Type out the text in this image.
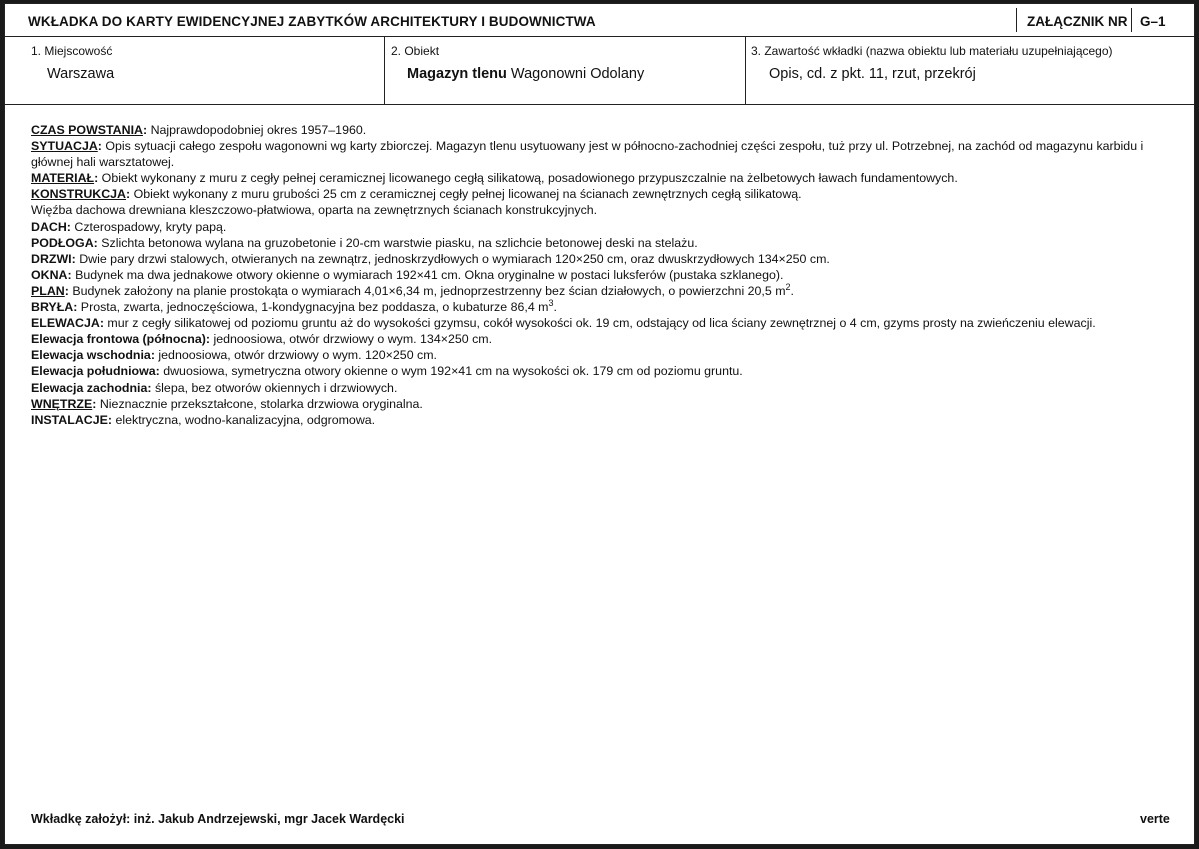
WKŁADKA DO KARTY EWIDENCYJNEJ ZABYTKÓW ARCHITEKTURY I BUDOWNICTWA	ZAŁĄCZNIK NR G–1
1. Miejscowość
Warszawa
2. Obiekt
Magazyn tlenu Wagonowni Odolany
3. Zawartość wkładki (nazwa obiektu lub materiału uzupełniającego)
Opis, cd. z pkt. 11, rzut, przekrój

CZAS POWSTANIA: Najprawdopodobniej okres 1957–1960.

SYTUACJA: Opis sytuacji całego zespołu wagonowni wg karty zbiorczej. Magazyn tlenu usytuowany jest w północno-zachodniej części zespołu, tuż przy ul. Potrzebnej, na zachód od magazynu karbidu i głównej hali warsztatowej.

MATERIAŁ: Obiekt wykonany z muru z cegły pełnej ceramicznej licowanego cegłą silikatową, posadowionego przypuszczalnie na żelbetowych ławach fundamentowych.

KONSTRUKCJA: Obiekt wykonany z muru grubości 25 cm z ceramicznej cegły pełnej licowanej na ścianach zewnętrznych cegłą silikatową.

Więźba dachowa drewniana kleszczowo-płatwiowa, oparta na zewnętrznych ścianach konstrukcyjnych.

DACH: Czterospadowy, kryty papą.

PODŁOGA: Szlichta betonowa wylana na gruzobetonie i 20-cm warstwie piasku, na szlichcie betonowej deski na stelażu.

DRZWI: Dwie pary drzwi stalowych, otwieranych na zewnątrz, jednoskrzydłowych o wymiarach 120×250 cm, oraz dwuskrzydłowych 134×250 cm.

OKNA: Budynek ma dwa jednakowe otwory okienne o wymiarach 192×41 cm. Okna oryginalne w postaci luksferów (pustaka szklanego).

PLAN: Budynek założony na planie prostokąta o wymiarach 4,01×6,34 m, jednoprzestrzenny bez ścian działowych, o powierzchni 20,5 $m^2$.

BRYŁA: Prosta, zwarta, jednoczęściowa, 1-kondygnacyjna bez poddasza, o kubaturze 86,4 $m^3$.

ELEWACJA: mur z cegły silikatowej od poziomu gruntu aż do wysokości gzymsu, cokół wysokości ok. 19 cm, odstający od lica ściany zewnętrznej o 4 cm, gzyms prosty na zwieńczeniu elewacji.

Elewacja frontowa (północna): jednoosiowa, otwór drzwiowy o wym. 134×250 cm.

Elewacja wschodnia: jednoosiowa, otwór drzwiowy o wym. 120×250 cm.

Elewacja południowa: dwuosiowa, symetryczna otwory okienne o wym 192×41 cm na wysokości ok. 179 cm od poziomu gruntu.

Elewacja zachodnia: ślepa, bez otworów okiennych i drzwiowych.

WNĘTRZE: Nieznacznie przekształcone, stolarka drzwiowa oryginalna.

INSTALACJE: elektryczna, wodno-kanalizacyjna, odgromowa.

Wkładkę założył: inż. Jakub Andrzejewski, mgr Jacek Wardęcki	verte
